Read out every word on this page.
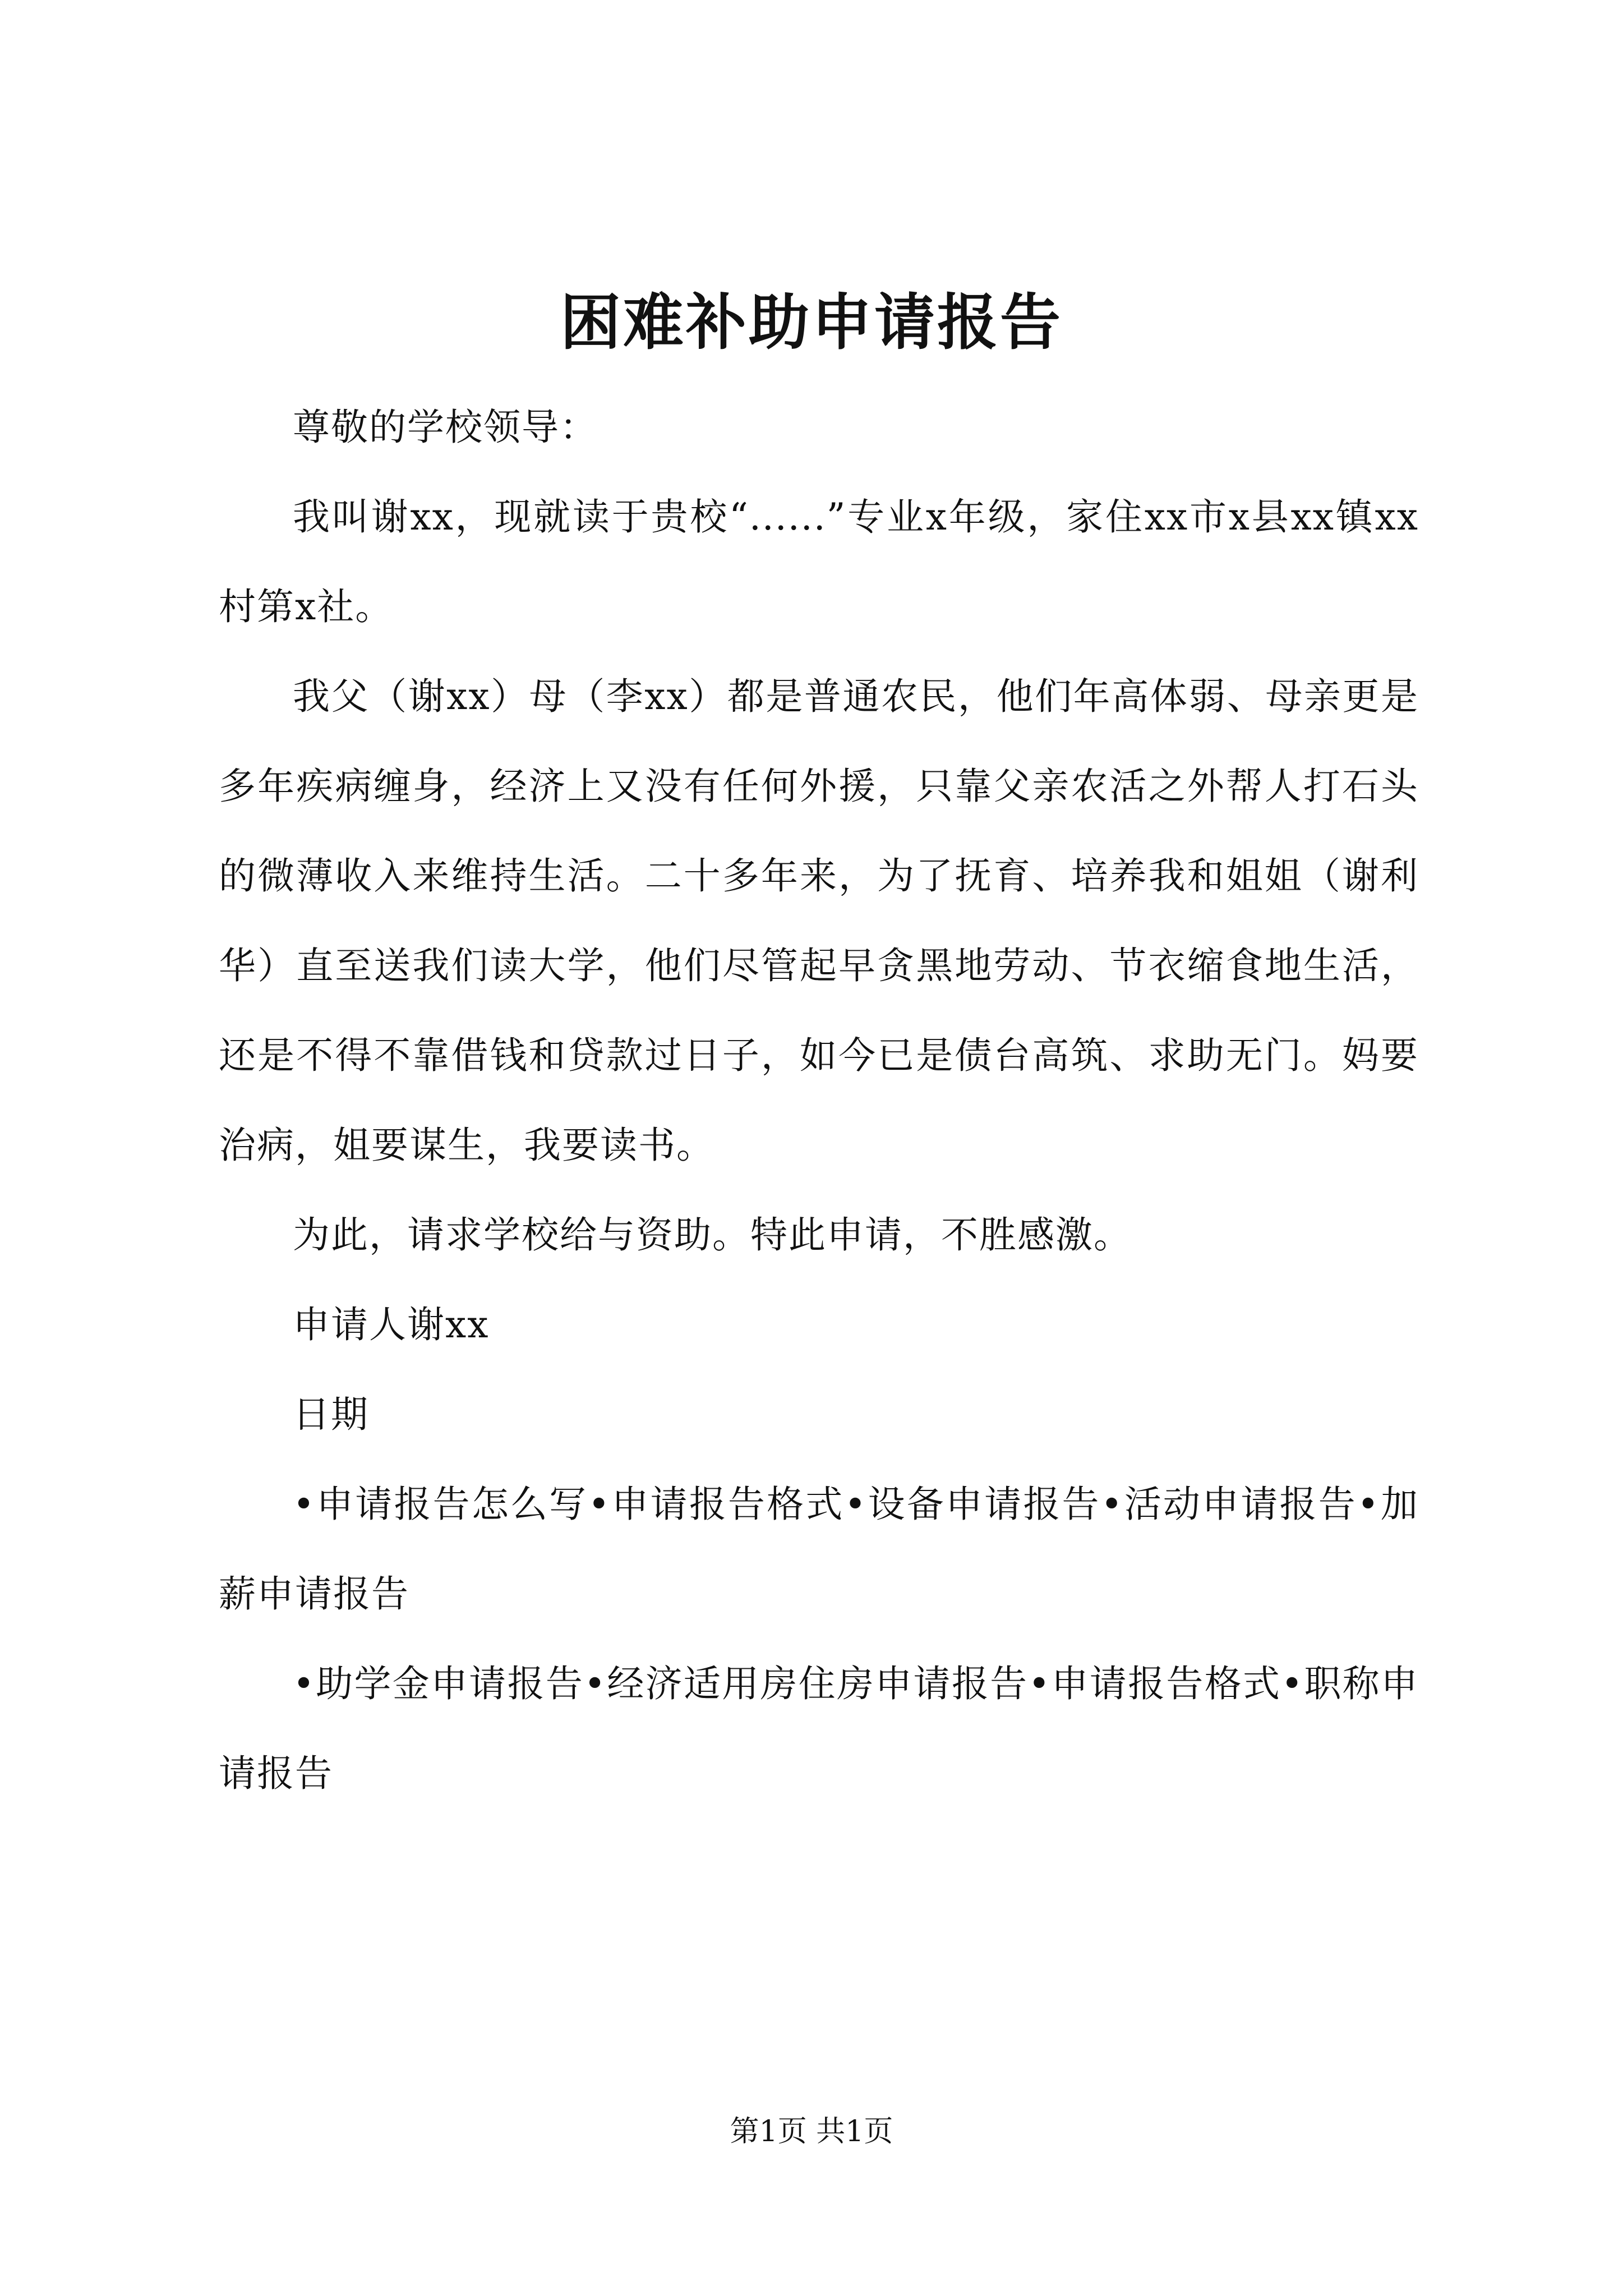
困难补助申请报告

尊敬的学校领导：

我叫谢xx，现就读于贵校“......”专业x年级，家住xx市x县xx镇xx村第x社。

我父（谢xx）母（李xx）都是普通农民，他们年高体弱、母亲更是多年疾病缠身，经济上又没有任何外援，只靠父亲农活之外帮人打石头的微薄收入来维持生活。二十多年来，为了抚育、培养我和姐姐（谢利华）直至送我们读大学，他们尽管起早贪黑地劳动、节衣缩食地生活，还是不得不靠借钱和贷款过日子，如今已是债台高筑、求助无门。妈要治病，姐要谋生，我要读书。

为此，请求学校给与资助。特此申请，不胜感激。

申请人谢xx

日期

•申请报告怎么写•申请报告格式•设备申请报告•活动申请报告•加薪申请报告

•助学金申请报告•经济适用房住房申请报告•申请报告格式•职称申请报告

第1页 共1页
